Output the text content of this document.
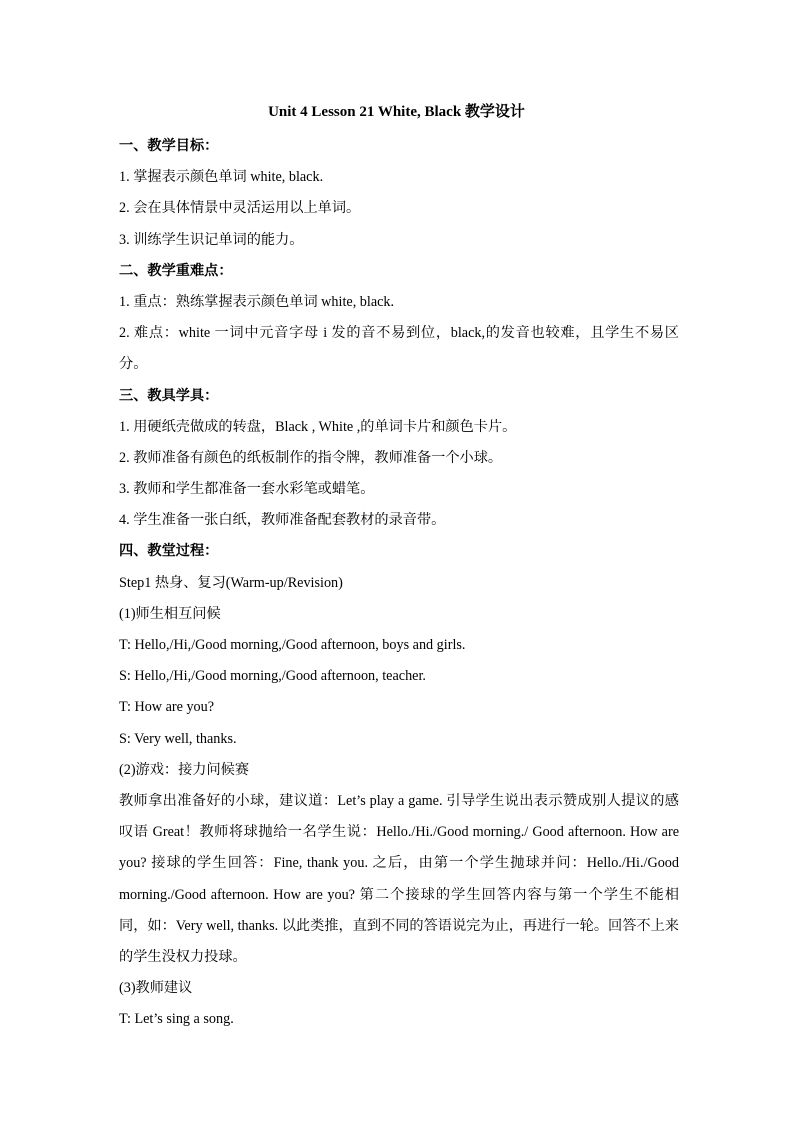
Unit 4 Lesson 21 White, Black 教学设计
一、教学目标：
1. 掌握表示颜色单词 white, black.
2. 会在具体情景中灵活运用以上单词。
3. 训练学生识记单词的能力。
二、教学重难点：
1. 重点：熟练掌握表示颜色单词 white, black.
2. 难点：white 一词中元音字母 i 发的音不易到位，black,的发音也较难，且学生不易区分。
三、教具学具：
1. 用硬纸壳做成的转盘，Black , White ,的单词卡片和颜色卡片。
2. 教师准备有颜色的纸板制作的指令牌，教师准备一个小球。
3. 教师和学生都准备一套水彩笔或蜡笔。
4. 学生准备一张白纸，教师准备配套教材的录音带。
四、教堂过程：
Step1 热身、复习(Warm-up/Revision)
(1)师生相互问候
T: Hello,/Hi,/Good morning,/Good afternoon, boys and girls.
S: Hello,/Hi,/Good morning,/Good afternoon, teacher.
T: How are you?
S: Very well, thanks.
(2)游戏：接力问候赛
教师拿出准备好的小球，建议道：Let’s play a game. 引导学生说出表示赞成别人提议的感叹语 Great！教师将球抛给一名学生说：Hello./Hi./Good morning./ Good afternoon. How are you? 接球的学生回答：Fine, thank you. 之后，由第一个学生抛球并问：Hello./Hi./Good morning./Good afternoon. How are you? 第二个接球的学生回答内容与第一个学生不能相同，如：Very well, thanks. 以此类推，直到不同的答语说完为止，再进行一轮。回答不上来的学生没权力投球。
(3)教师建议
T: Let’s sing a song.
